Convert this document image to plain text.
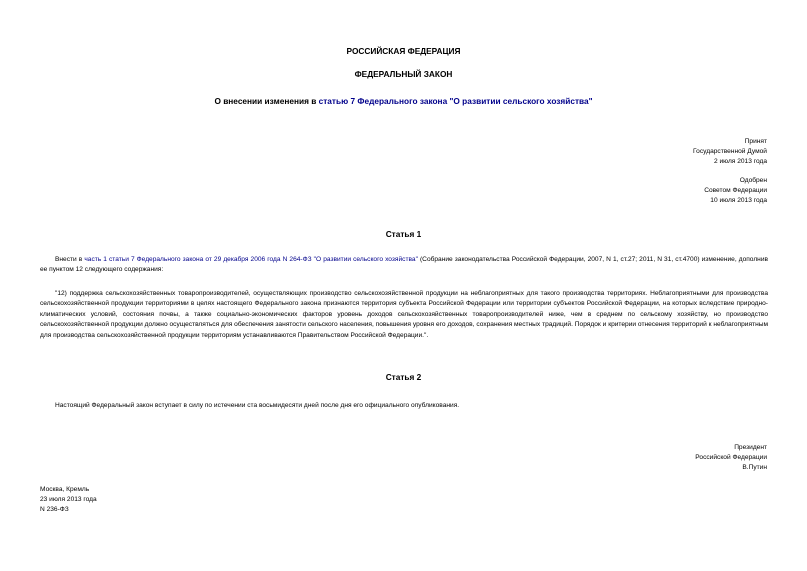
РОССИЙСКАЯ ФЕДЕРАЦИЯ
ФЕДЕРАЛЬНЫЙ ЗАКОН
О внесении изменения в статью 7 Федерального закона "О развитии сельского хозяйства"
Принят
Государственной Думой
2 июля 2013 года
Одобрен
Советом Федерации
10 июля 2013 года
Статья 1
Внести в часть 1 статьи 7 Федерального закона от 29 декабря 2006 года N 264-ФЗ "О развитии сельского хозяйства" (Собрание законодательства Российской Федерации, 2007, N 1, ст.27; 2011, N 31, ст.4700) изменение, дополнив ее пунктом 12 следующего содержания:
"12) поддержка сельскохозяйственных товаропроизводителей, осуществляющих производство сельскохозяйственной продукции на неблагоприятных для такого производства территориях. Неблагоприятными для производства сельскохозяйственной продукции территориями в целях настоящего Федерального закона признаются территория субъекта Российской Федерации или территории субъектов Российской Федерации, на которых вследствие природно-климатических условий, состояния почвы, а также социально-экономических факторов уровень доходов сельскохозяйственных товаропроизводителей ниже, чем в среднем по сельскому хозяйству, но производство сельскохозяйственной продукции должно осуществляться для обеспечения занятости сельского населения, повышения уровня его доходов, сохранения местных традиций. Порядок и критерии отнесения территорий к неблагоприятным для производства сельскохозяйственной продукции территориям устанавливаются Правительством Российской Федерации.".
Статья 2
Настоящий Федеральный закон вступает в силу по истечении ста восьмидесяти дней после дня его официального опубликования.
Президент
Российской Федерации
В.Путин
Москва, Кремль
23 июля 2013 года
N 236-ФЗ
